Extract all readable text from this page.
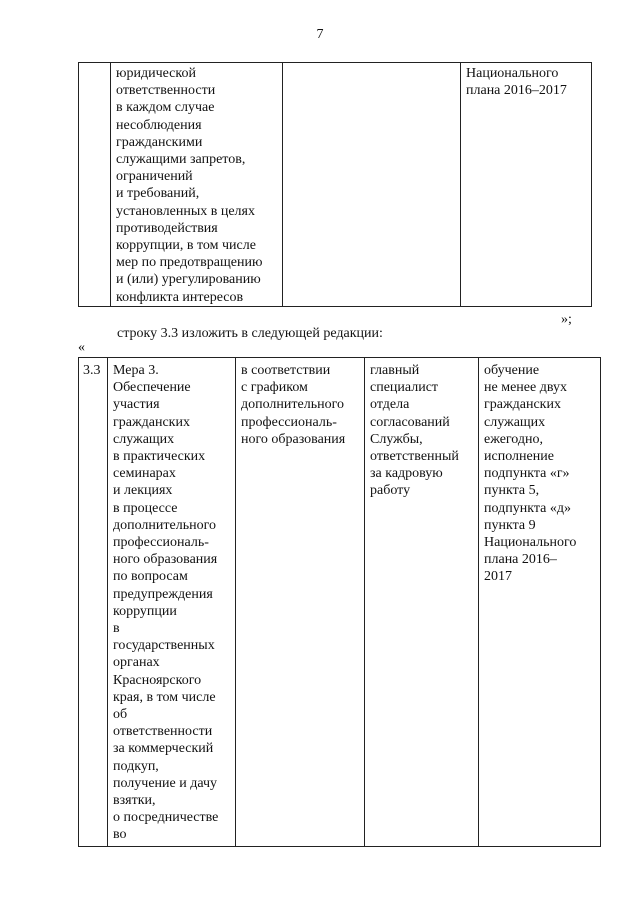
7
юридической
ответственности
в каждом случае
несоблюдения
гражданскими
служащими запретов,
ограничений
и требований,
установленных в целях
противодействия
коррупции, в том числе
мер по предотвращению
и (или) урегулированию
конфликта интересов
Национального
плана 2016–2017
»;
строку 3.3 изложить в следующей редакции:
«
3.3 Мера 3.
Обеспечение
участия
гражданских
служащих
в практических
семинарах
и лекциях
в процессе
дополнительного
профессиональ-
ного образования
по вопросам
предупреждения
коррупции
в
государственных
органах
Красноярского
края, в том числе
об
ответственности
за коммерческий
подкуп,
получение и дачу
взятки,
о посредничестве
во
в соответствии
с графиком
дополнительного
профессиональ-
ного образования
главный
специалист
отдела
согласований
Службы,
ответственный
за кадровую
работу
обучение
не менее двух
гражданских
служащих
ежегодно,
исполнение
подпункта «г»
пункта 5,
подпункта «д»
пункта 9
Национального
плана 2016–
2017
